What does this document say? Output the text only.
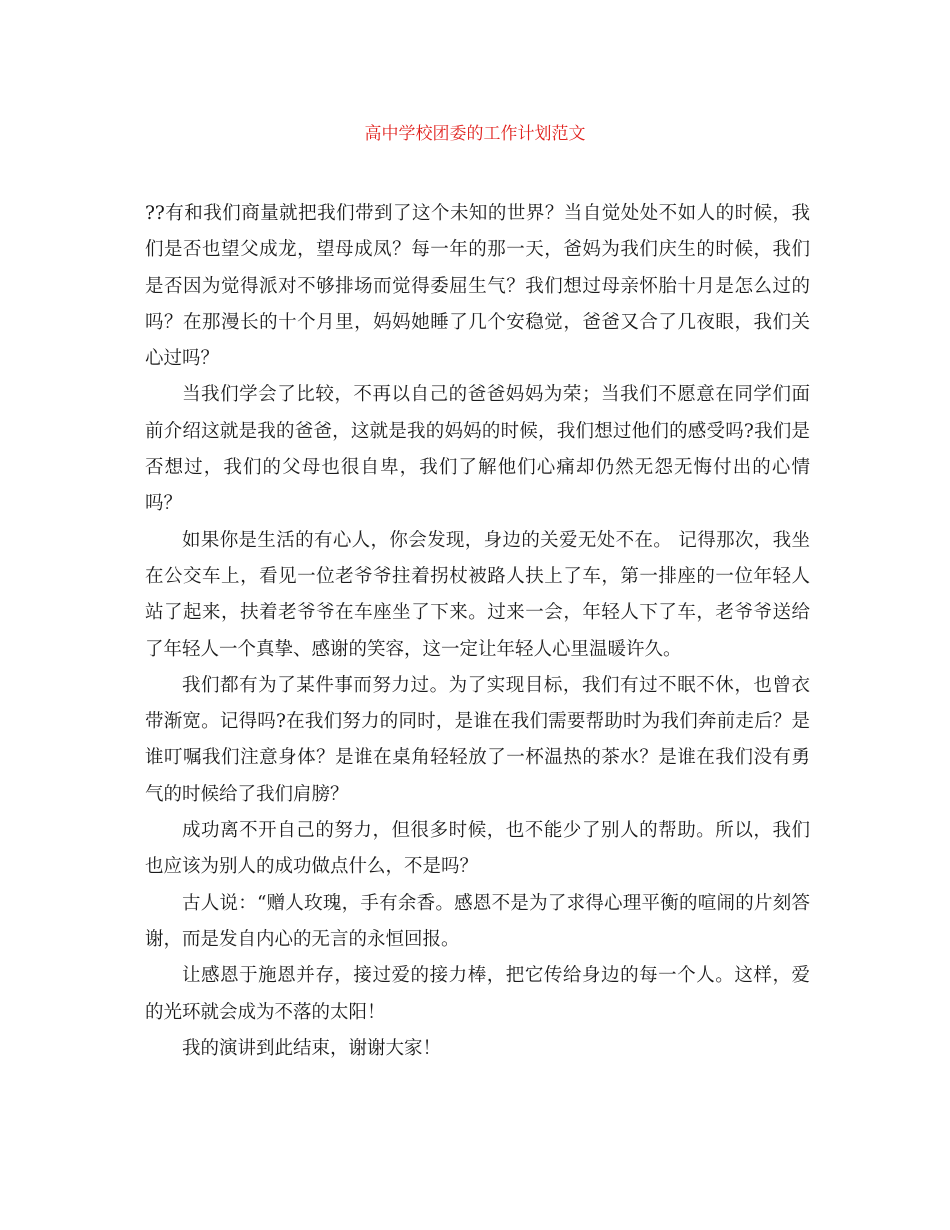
高中学校团委的工作计划范文

??有和我们商量就把我们带到了这个未知的世界？当自觉处处不如人的时候，我们是否也望父成龙，望母成凤？每一年的那一天，爸妈为我们庆生的时候，我们是否因为觉得派对不够排场而觉得委屈生气？我们想过母亲怀胎十月是怎么过的吗？在那漫长的十个月里，妈妈她睡了几个安稳觉，爸爸又合了几夜眼，我们关心过吗？

当我们学会了比较，不再以自己的爸爸妈妈为荣；当我们不愿意在同学们面前介绍这就是我的爸爸，这就是我的妈妈的时候，我们想过他们的感受吗?我们是否想过，我们的父母也很自卑，我们了解他们心痛却仍然无怨无悔付出的心情吗？

如果你是生活的有心人，你会发现，身边的关爱无处不在。 记得那次，我坐在公交车上，看见一位老爷爷拄着拐杖被路人扶上了车，第一排座的一位年轻人站了起来，扶着老爷爷在车座坐了下来。过来一会，年轻人下了车，老爷爷送给了年轻人一个真挚、感谢的笑容，这一定让年轻人心里温暖许久。

我们都有为了某件事而努力过。为了实现目标，我们有过不眠不休，也曾衣带渐宽。记得吗?在我们努力的同时，是谁在我们需要帮助时为我们奔前走后？是谁叮嘱我们注意身体？是谁在桌角轻轻放了一杯温热的茶水？是谁在我们没有勇气的时候给了我们肩膀？

成功离不开自己的努力，但很多时候，也不能少了别人的帮助。所以，我们也应该为别人的成功做点什么，不是吗？

古人说：“赠人玫瑰，手有余香。感恩不是为了求得心理平衡的喧闹的片刻答谢，而是发自内心的无言的永恒回报。

让感恩于施恩并存，接过爱的接力棒，把它传给身边的每一个人。这样，爱的光环就会成为不落的太阳！

我的演讲到此结束，谢谢大家！
